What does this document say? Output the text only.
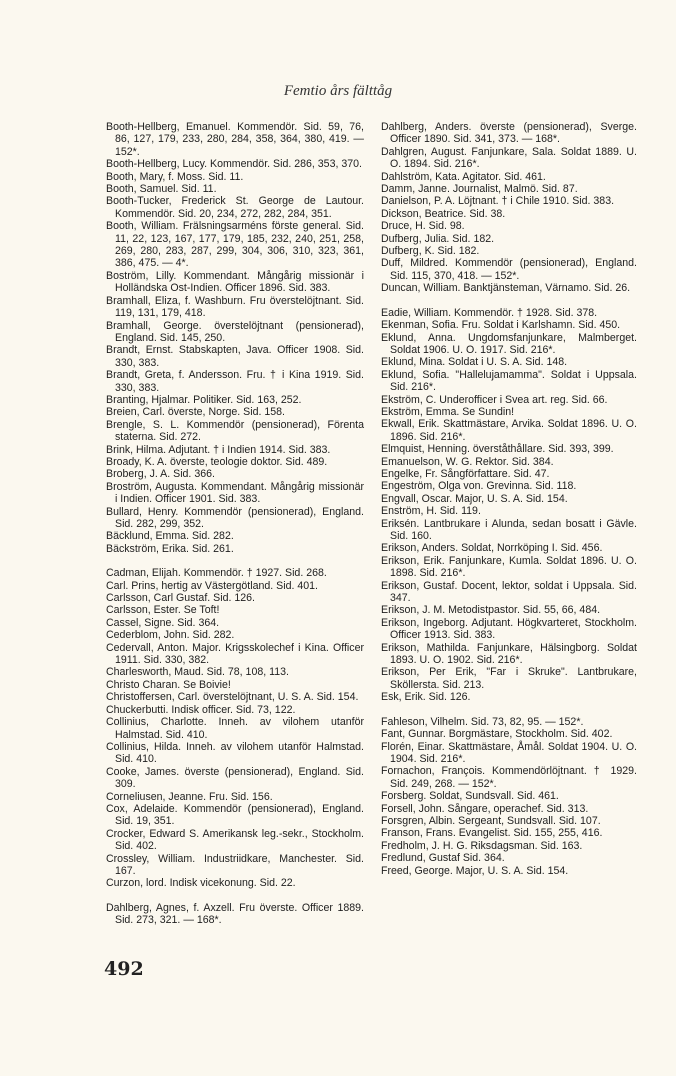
Femtio års fälttåg
Booth-Hellberg, Emanuel. Kommendör. Sid. 59, 76, 86, 127, 179, 233, 280, 284, 358, 364, 380, 419. — 152*.
Booth-Hellberg, Lucy. Kommendör. Sid. 286, 353, 370.
Booth, Mary, f. Moss. Sid. 11.
Booth, Samuel. Sid. 11.
Booth-Tucker, Frederick St. George de Lautour. Kommendör. Sid. 20, 234, 272, 282, 284, 351.
Booth, William. Frälsningsarméns förste general. Sid. 11, 22, 123, 167, 177, 179, 185, 232, 240, 251, 258, 269, 280, 283, 287, 299, 304, 306, 310, 323, 361, 386, 475. — 4*.
Boström, Lilly. Kommendant. Mångårig missionär i Holländska Ost-Indien. Officer 1896. Sid. 383.
Bramhall, Eliza, f. Washburn. Fru överstelöjtnant. Sid. 119, 131, 179, 418.
Bramhall, George. överstelöjtnant (pensionerad), England. Sid. 145, 250.
Brandt, Ernst. Stabskapten, Java. Officer 1908. Sid. 330, 383.
Brandt, Greta, f. Andersson. Fru. † i Kina 1919. Sid. 330, 383.
Branting, Hjalmar. Politiker. Sid. 163, 252.
Breien, Carl. överste, Norge. Sid. 158.
Brengle, S. L. Kommendör (pensionerad), Förenta staterna. Sid. 272.
Brink, Hilma. Adjutant. † i Indien 1914. Sid. 383.
Broady, K. A. överste, teologie doktor. Sid. 489.
Broberg, J. A. Sid. 366.
Broström, Augusta. Kommendant. Mångårig missionär i Indien. Officer 1901. Sid. 383.
Bullard, Henry. Kommendör (pensionerad), England. Sid. 282, 299, 352.
Bäcklund, Emma. Sid. 282.
Bäckström, Erika. Sid. 261.
Cadman, Elijah. Kommendör. † 1927. Sid. 268.
Carl. Prins, hertig av Västergötland. Sid. 401.
Carlsson, Carl Gustaf. Sid. 126.
Carlsson, Ester. Se Toft!
Cassel, Signe. Sid. 364.
Cederblom, John. Sid. 282.
Cedervall, Anton. Major. Krigsskolechef i Kina. Officer 1911. Sid. 330, 382.
Charlesworth, Maud. Sid. 78, 108, 113.
Christo Charan. Se Boivie!
Christoffersen, Carl. överstelöjtnant, U. S. A. Sid. 154.
Chuckerbutti. Indisk officer. Sid. 73, 122.
Collinius, Charlotte. Inneh. av vilohem utanför Halmstad. Sid. 410.
Collinius, Hilda. Inneh. av vilohem utanför Halmstad. Sid. 410.
Cooke, James. överste (pensionerad), England. Sid. 309.
Corneliusen, Jeanne. Fru. Sid. 156.
Cox, Adelaide. Kommendör (pensionerad), England. Sid. 19, 351.
Crocker, Edward S. Amerikansk leg.-sekr., Stockholm. Sid. 402.
Crossley, William. Industriidkare, Manchester. Sid. 167.
Curzon, lord. Indisk vicekonung. Sid. 22.
Dahlberg, Agnes, f. Axzell. Fru överste. Officer 1889. Sid. 273, 321. — 168*.
Dahlberg, Anders. överste (pensionerad), Sverge. Officer 1890. Sid. 341, 373. — 168*.
Dahlgren, August. Fanjunkare, Sala. Soldat 1889. U. O. 1894. Sid. 216*.
Dahlström, Kata. Agitator. Sid. 461.
Damm, Janne. Journalist, Malmö. Sid. 87.
Danielson, P. A. Löjtnant. † i Chile 1910. Sid. 383.
Dickson, Beatrice. Sid. 38.
Druce, H. Sid. 98.
Dufberg, Julia. Sid. 182.
Dufberg, K. Sid. 182.
Duff, Mildred. Kommendör (pensionerad), England. Sid. 115, 370, 418. — 152*.
Duncan, William. Banktjänsteman, Värnamo. Sid. 26.
Eadie, William. Kommendör. † 1928. Sid. 378.
Ekenman, Sofia. Fru. Soldat i Karlshamn. Sid. 450.
Eklund, Anna. Ungdomsfanjunkare, Malmberget. Soldat 1906. U. O. 1917. Sid. 216*.
Eklund, Mina. Soldat i U. S. A. Sid. 148.
Eklund, Sofia. "Hallelujamamma". Soldat i Uppsala. Sid. 216*.
Ekström, C. Underofficer i Svea art. reg. Sid. 66.
Ekström, Emma. Se Sundin!
Ekwall, Erik. Skattmästare, Arvika. Soldat 1896. U. O. 1896. Sid. 216*.
Elmquist, Henning. överståthållare. Sid. 393, 399.
Emanuelson, W. G. Rektor. Sid. 384.
Engelke, Fr. Sångförfattare. Sid. 47.
Engeström, Olga von. Grevinna. Sid. 118.
Engvall, Oscar. Major, U. S. A. Sid. 154.
Enström, H. Sid. 119.
Eriksén. Lantbrukare i Alunda, sedan bosatt i Gävle. Sid. 160.
Erikson, Anders. Soldat, Norrköping I. Sid. 456.
Erikson, Erik. Fanjunkare, Kumla. Soldat 1896. U. O. 1898. Sid. 216*.
Erikson, Gustaf. Docent, lektor, soldat i Uppsala. Sid. 347.
Erikson, J. M. Metodistpastor. Sid. 55, 66, 484.
Erikson, Ingeborg. Adjutant. Högkvarteret, Stockholm. Officer 1913. Sid. 383.
Erikson, Mathilda. Fanjunkare, Hälsingborg. Soldat 1893. U. O. 1902. Sid. 216*.
Erikson, Per Erik, "Far i Skruke". Lantbrukare, Sköllersta. Sid. 213.
Esk, Erik. Sid. 126.
Fahleson, Vilhelm. Sid. 73, 82, 95. — 152*.
Fant, Gunnar. Borgmästare, Stockholm. Sid. 402.
Florén, Einar. Skattmästare, Åmål. Soldat 1904. U. O. 1904. Sid. 216*.
Fornachon, François. Kommendörlöjtnant. † 1929. Sid. 249, 268. — 152*.
Forsberg. Soldat, Sundsvall. Sid. 461.
Forsell, John. Sångare, operachef. Sid. 313.
Forsgren, Albin. Sergeant, Sundsvall. Sid. 107.
Franson, Frans. Evangelist. Sid. 155, 255, 416.
Fredholm, J. H. G. Riksdagsman. Sid. 163.
Fredlund, Gustaf Sid. 364.
Freed, George. Major, U. S. A. Sid. 154.
492
